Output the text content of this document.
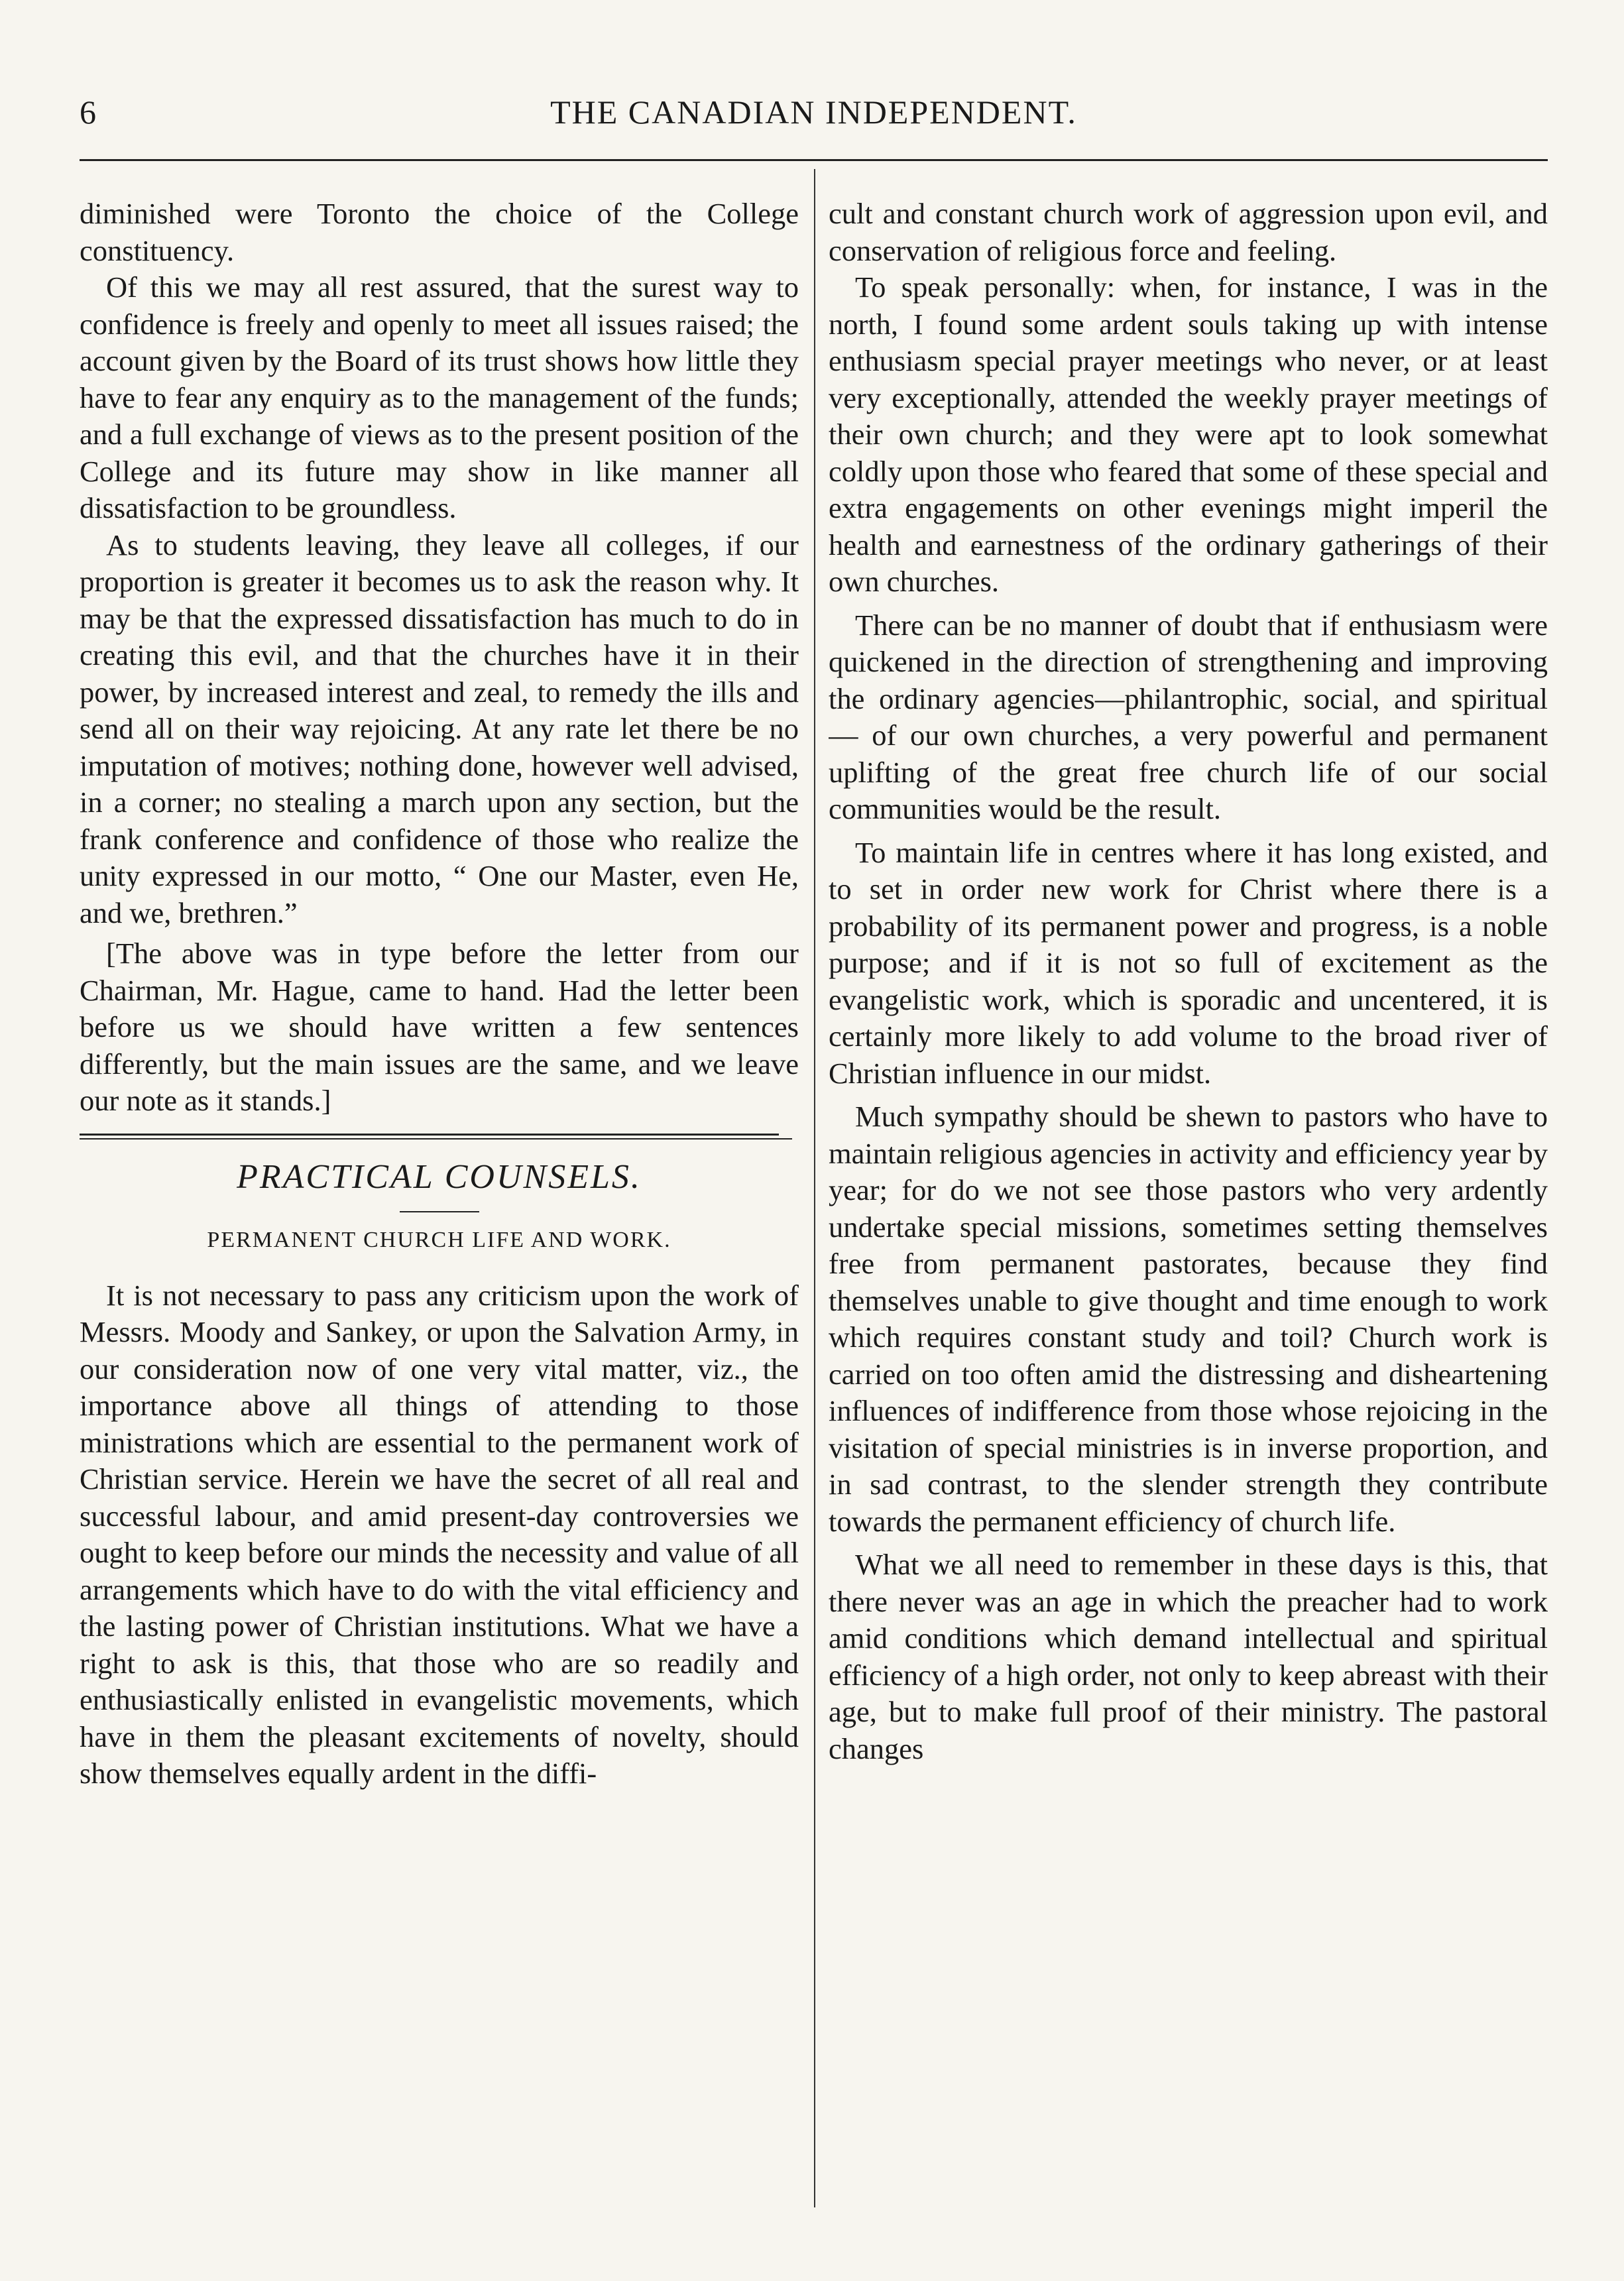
6	THE CANADIAN INDEPENDENT.

diminished were Toronto the choice of the College constituency.

Of this we may all rest assured, that the surest way to confidence is freely and openly to meet all issues raised; the account given by the Board of its trust shows how little they have to fear any enquiry as to the management of the funds; and a full exchange of views as to the present position of the College and its future may show in like manner all dissatisfaction to be groundless.

As to students leaving, they leave all colleges, if our proportion is greater it becomes us to ask the reason why. It may be that the expressed dissatisfaction has much to do in creating this evil, and that the churches have it in their power, by increased interest and zeal, to remedy the ills and send all on their way rejoicing. At any rate let there be no imputation of motives; nothing done, however well advised, in a corner; no stealing a march upon any section, but the frank conference and confidence of those who realize the unity expressed in our motto, “ One our Master, even He, and we, brethren.”

[The above was in type before the letter from our Chairman, Mr. Hague, came to hand. Had the letter been before us we should have written a few sentences differently, but the main issues are the same, and we leave our note as it stands.]

PRACTICAL COUNSELS.
PERMANENT CHURCH LIFE AND WORK.

It is not necessary to pass any criticism upon the work of Messrs. Moody and Sankey, or upon the Salvation Army, in our consideration now of one very vital matter, viz., the importance above all things of attending to those ministrations which are essential to the permanent work of Christian service. Herein we have the secret of all real and successful labour, and amid present-day controversies we ought to keep before our minds the necessity and value of all arrangements which have to do with the vital efficiency and the lasting power of Christian institutions. What we have a right to ask is this, that those who are so readily and enthusiastically enlisted in evangelistic movements, which have in them the pleasant excitements of novelty, should show themselves equally ardent in the diffi-

cult and constant church work of aggression upon evil, and conservation of religious force and feeling.

To speak personally: when, for instance, I was in the north, I found some ardent souls taking up with intense enthusiasm special prayer meetings who never, or at least very exceptionally, attended the weekly prayer meetings of their own church; and they were apt to look somewhat coldly upon those who feared that some of these special and extra engagements on other evenings might imperil the health and earnestness of the ordinary gatherings of their own churches.

There can be no manner of doubt that if enthusiasm were quickened in the direction of strengthening and improving the ordinary agencies—philantrophic, social, and spiritual — of our own churches, a very powerful and permanent uplifting of the great free church life of our social communities would be the result.

To maintain life in centres where it has long existed, and to set in order new work for Christ where there is a probability of its permanent power and progress, is a noble purpose; and if it is not so full of excitement as the evangelistic work, which is sporadic and uncentered, it is certainly more likely to add volume to the broad river of Christian influence in our midst.

Much sympathy should be shewn to pastors who have to maintain religious agencies in activity and efficiency year by year; for do we not see those pastors who very ardently undertake special missions, sometimes setting themselves free from permanent pastorates, because they find themselves unable to give thought and time enough to work which requires constant study and toil? Church work is carried on too often amid the distressing and disheartening influences of indifference from those whose rejoicing in the visitation of special ministries is in inverse proportion, and in sad contrast, to the slender strength they contribute towards the permanent efficiency of church life.

What we all need to remember in these days is this, that there never was an age in which the preacher had to work amid conditions which demand intellectual and spiritual efficiency of a high order, not only to keep abreast with their age, but to make full proof of their ministry. The pastoral changes
